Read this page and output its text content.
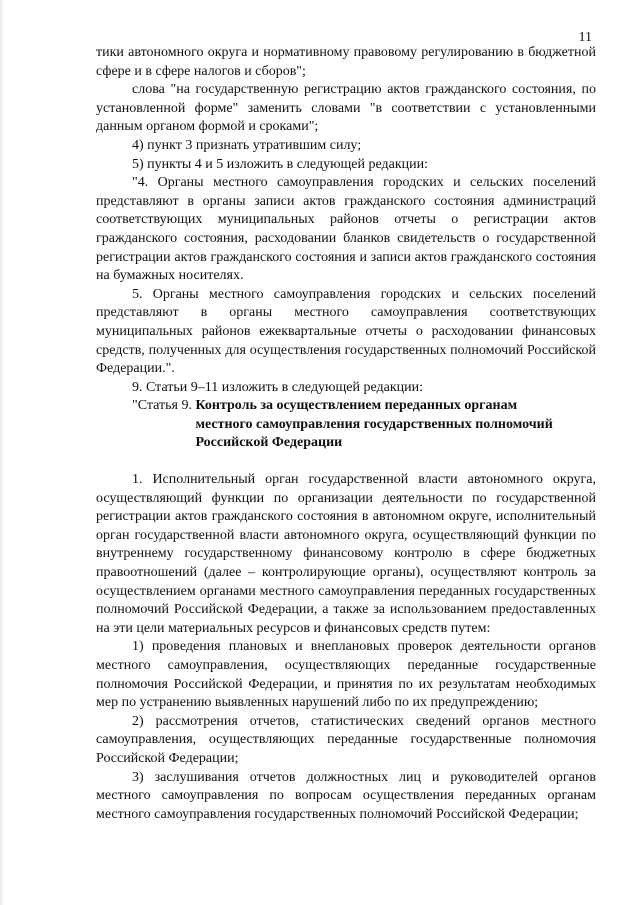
11

тики автономного округа и нормативному правовому регулированию в бюджетной сфере и в сфере налогов и сборов";

слова "на государственную регистрацию актов гражданского состояния, по установленной форме" заменить словами "в соответствии с установленными данным органом формой и сроками";

4) пункт 3 признать утратившим силу;

5) пункты 4 и 5 изложить в следующей редакции:

"4. Органы местного самоуправления городских и сельских поселений представляют в органы записи актов гражданского состояния администраций соответствующих муниципальных районов отчеты о регистрации актов гражданского состояния, расходовании бланков свидетельств о государственной регистрации актов гражданского состояния и записи актов гражданского состояния на бумажных носителях.

5. Органы местного самоуправления городских и сельских поселений представляют в органы местного самоуправления соответствующих муниципальных районов ежеквартальные отчеты о расходовании финансовых средств, полученных для осуществления государственных полномочий Российской Федерации.".

9. Статьи 9–11 изложить в следующей редакции:

"Статья 9. Контроль за осуществлением переданных органам местного самоуправления государственных полномочий Российской Федерации

1. Исполнительный орган государственной власти автономного округа, осуществляющий функции по организации деятельности по государственной регистрации актов гражданского состояния в автономном округе, исполнительный орган государственной власти автономного округа, осуществляющий функции по внутреннему государственному финансовому контролю в сфере бюджетных правоотношений (далее – контролирующие органы), осуществляют контроль за осуществлением органами местного самоуправления переданных государственных полномочий Российской Федерации, а также за использованием предоставленных на эти цели материальных ресурсов и финансовых средств путем:

1) проведения плановых и внеплановых проверок деятельности органов местного самоуправления, осуществляющих переданные государственные полномочия Российской Федерации, и принятия по их результатам необходимых мер по устранению выявленных нарушений либо по их предупреждению;

2) рассмотрения отчетов, статистических сведений органов местного самоуправления, осуществляющих переданные государственные полномочия Российской Федерации;

3) заслушивания отчетов должностных лиц и руководителей органов местного самоуправления по вопросам осуществления переданных органам местного самоуправления государственных полномочий Российской Федерации;
